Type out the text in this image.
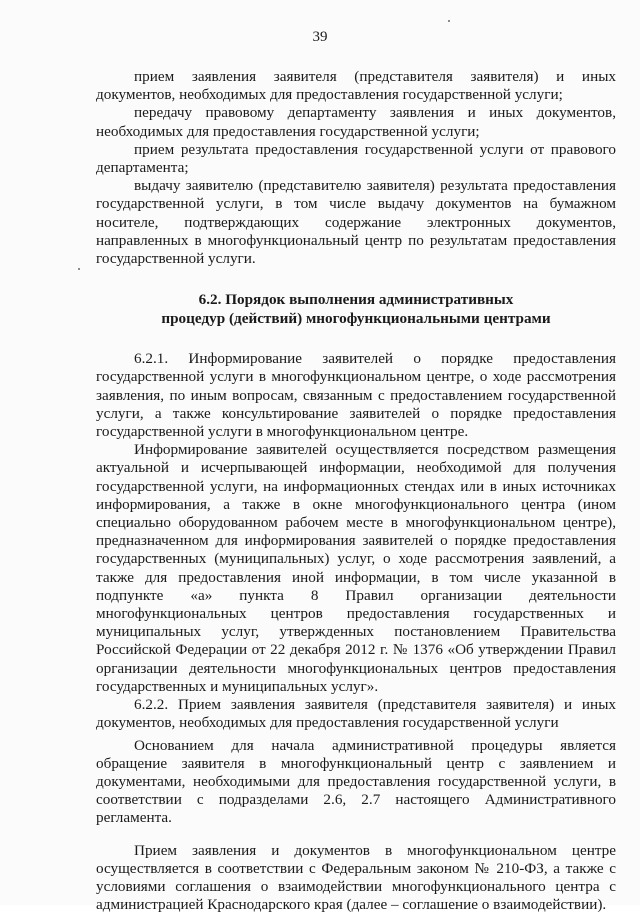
39

прием заявления заявителя (представителя заявителя) и иных документов, необходимых для предоставления государственной услуги;

передачу правовому департаменту заявления и иных документов, необходимых для предоставления государственной услуги;

прием результата предоставления государственной услуги от правового департамента;

выдачу заявителю (представителю заявителя) результата предоставления государственной услуги, в том числе выдачу документов на бумажном носителе, подтверждающих содержание электронных документов, направленных в многофункциональный центр по результатам предоставления государственной услуги.

6.2. Порядок выполнения административных
процедур (действий) многофункциональными центрами

6.2.1. Информирование заявителей о порядке предоставления государственной услуги в многофункциональном центре, о ходе рассмотрения заявления, по иным вопросам, связанным с предоставлением государственной услуги, а также консультирование заявителей о порядке предоставления государственной услуги в многофункциональном центре.

Информирование заявителей осуществляется посредством размещения актуальной и исчерпывающей информации, необходимой для получения государственной услуги, на информационных стендах или в иных источниках информирования, а также в окне многофункционального центра (ином специально оборудованном рабочем месте в многофункциональном центре), предназначенном для информирования заявителей о порядке предоставления государственных (муниципальных) услуг, о ходе рассмотрения заявлений, а также для предоставления иной информации, в том числе указанной в подпункте «а» пункта 8 Правил организации деятельности многофункциональных центров предоставления государственных и муниципальных услуг, утвержденных постановлением Правительства Российской Федерации от 22 декабря 2012 г. № 1376 «Об утверждении Правил организации деятельности многофункциональных центров предоставления государственных и муниципальных услуг».

6.2.2. Прием заявления заявителя (представителя заявителя) и иных документов, необходимых для предоставления государственной услуги

Основанием для начала административной процедуры является обращение заявителя в многофункциональный центр с заявлением и документами, необходимыми для предоставления государственной услуги, в соответствии с подразделами 2.6, 2.7 настоящего Административного регламента.

Прием заявления и документов в многофункциональном центре осуществляется в соответствии с Федеральным законом № 210-ФЗ, а также с условиями соглашения о взаимодействии многофункционального центра с администрацией Краснодарского края (далее – соглашение о взаимодействии).
